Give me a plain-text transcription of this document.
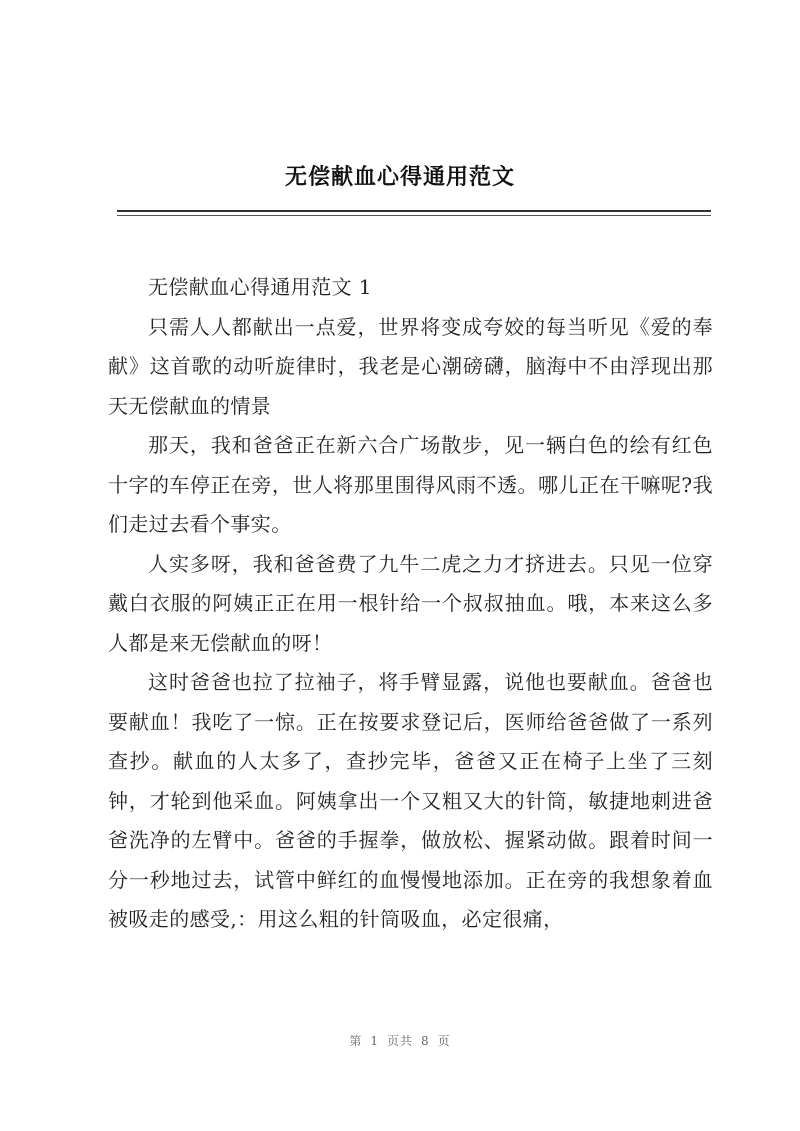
无偿献血心得通用范文

无偿献血心得通用范文 1

只需人人都献出一点爱，世界将变成夸姣的每当听见《爱的奉献》这首歌的动听旋律时，我老是心潮磅礴，脑海中不由浮现出那天无偿献血的情景

那天，我和爸爸正在新六合广场散步，见一辆白色的绘有红色十字的车停正在旁，世人将那里围得风雨不透。哪儿正在干嘛呢?我们走过去看个事实。

人实多呀，我和爸爸费了九牛二虎之力才挤进去。只见一位穿戴白衣服的阿姨正正在用一根针给一个叔叔抽血。哦，本来这么多人都是来无偿献血的呀！

这时爸爸也拉了拉袖子，将手臂显露，说他也要献血。爸爸也要献血！我吃了一惊。正在按要求登记后，医师给爸爸做了一系列查抄。献血的人太多了，查抄完毕，爸爸又正在椅子上坐了三刻钟，才轮到他采血。阿姨拿出一个又粗又大的针筒，敏捷地刺进爸爸洗净的左臂中。爸爸的手握拳，做放松、握紧动做。跟着时间一分一秒地过去，试管中鲜红的血慢慢地添加。正在旁的我想象着血被吸走的感受,：用这么粗的针筒吸血，必定很痛，

第 1 页共 8 页
